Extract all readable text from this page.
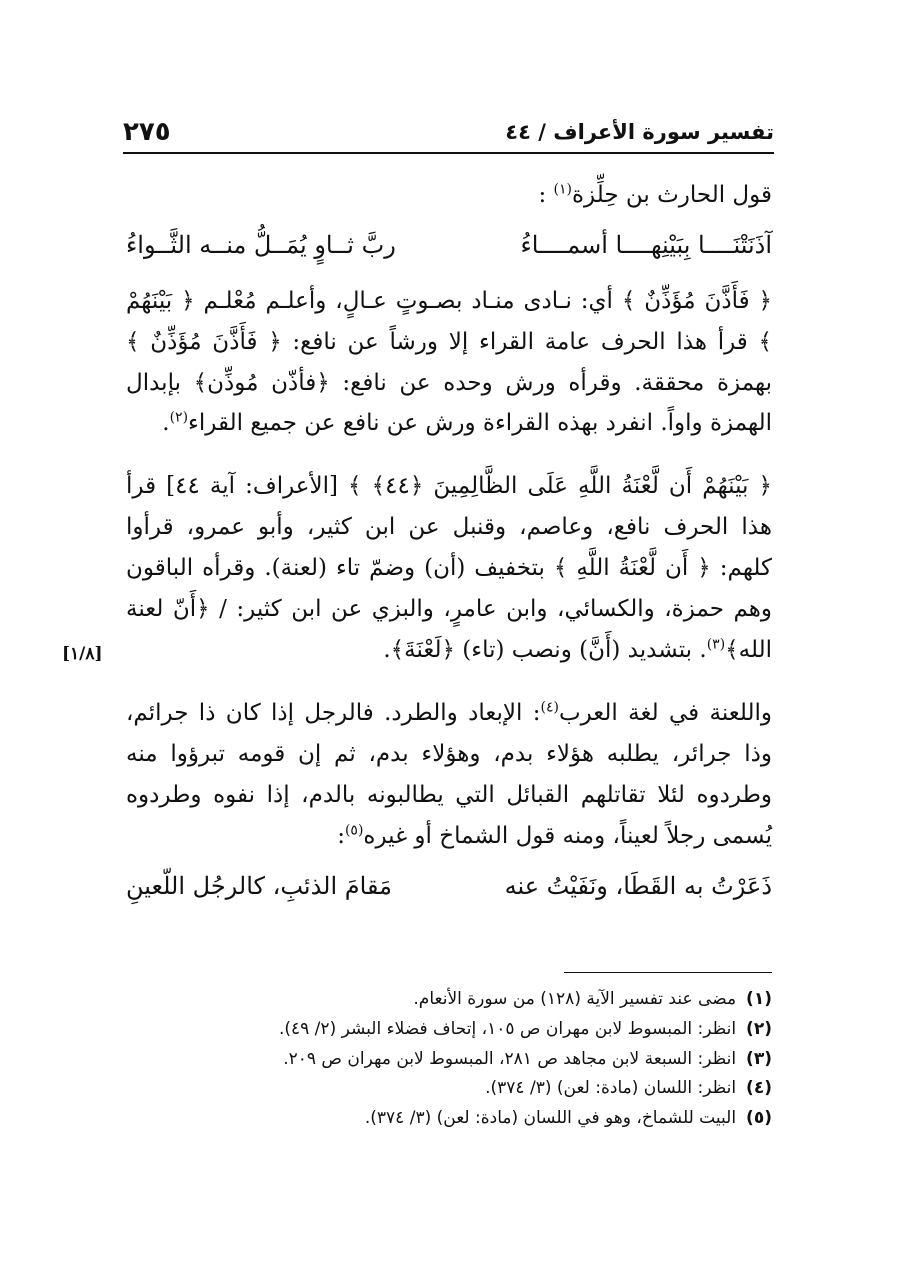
تفسير سورة الأعراف / ٤٤
٢٧٥
[١/٨]

قول الحارث بن حِلِّزة$^{(١)}$ :

آذَنَتْنَــــا بِبَيْنِهــــا أسمــــاءُ
ربَّ ثــاوٍ يُمَــلُّ منــه الثَّــواءُ

﴿ فَأَذَّنَ مُؤَذِّنٌ ﴾ أي: نـادى منـاد بصـوتٍ عـالٍ، وأعلـم مُعْلـم ﴿ بَيْنَهُمْ ﴾ قرأ هذا الحرف عامة القراء إلا ورشاً عن نافع: ﴿ فَأَذَّنَ مُؤَذِّنٌ ﴾ بهمزة محققة. وقرأه ورش وحده عن نافع: ﴿فأذّن مُوذِّن﴾ بإبدال الهمزة واواً. انفرد بهذه القراءة ورش عن نافع عن جميع القراء$^{(٢)}$.

﴿ بَيْنَهُمْ أَن لَّعْنَةُ اللَّهِ عَلَى الظَّالِمِينَ ﴿٤٤﴾ ﴾ [الأعراف: آية ٤٤] قرأ هذا الحرف نافع، وعاصم، وقنبل عن ابن كثير، وأبو عمرو، قرأوا كلهم: ﴿ أَن لَّعْنَةُ اللَّهِ ﴾ بتخفيف (أن) وضمّ تاء (لعنة). وقرأه الباقون وهم حمزة، والكسائي، وابن عامرٍ، والبزي عن ابن كثير: / ﴿أَنّ لعنة الله﴾$^{(٣)}$. بتشديد (أَنَّ) ونصب (تاء) ﴿لَعْنَةَ﴾.

واللعنة في لغة العرب$^{(٤)}$: الإبعاد والطرد. فالرجل إذا كان ذا جرائم، وذا جرائر، يطلبه هؤلاء بدم، وهؤلاء بدم، ثم إن قومه تبرؤوا منه وطردوه لئلا تقاتلهم القبائل التي يطالبونه بالدم، إذا نفوه وطردوه يُسمى رجلاً لعيناً، ومنه قول الشماخ أو غيره$^{(٥)}$:

ذَعَرْتُ به القَطَا، ونَفَيْتُ عنه
مَقامَ الذئبِ، كالرجُل اللّعينِ
(١)مضى عند تفسير الآية (١٢٨) من سورة الأنعام.
(٢)انظر: المبسوط لابن مهران ص ١٠٥، إتحاف فضلاء البشر (٢/ ٤٩).
(٣)انظر: السبعة لابن مجاهد ص ٢٨١، المبسوط لابن مهران ص ٢٠٩.
(٤)انظر: اللسان (مادة: لعن) (٣/ ٣٧٤).
(٥)البيت للشماخ، وهو في اللسان (مادة: لعن) (٣/ ٣٧٤).
